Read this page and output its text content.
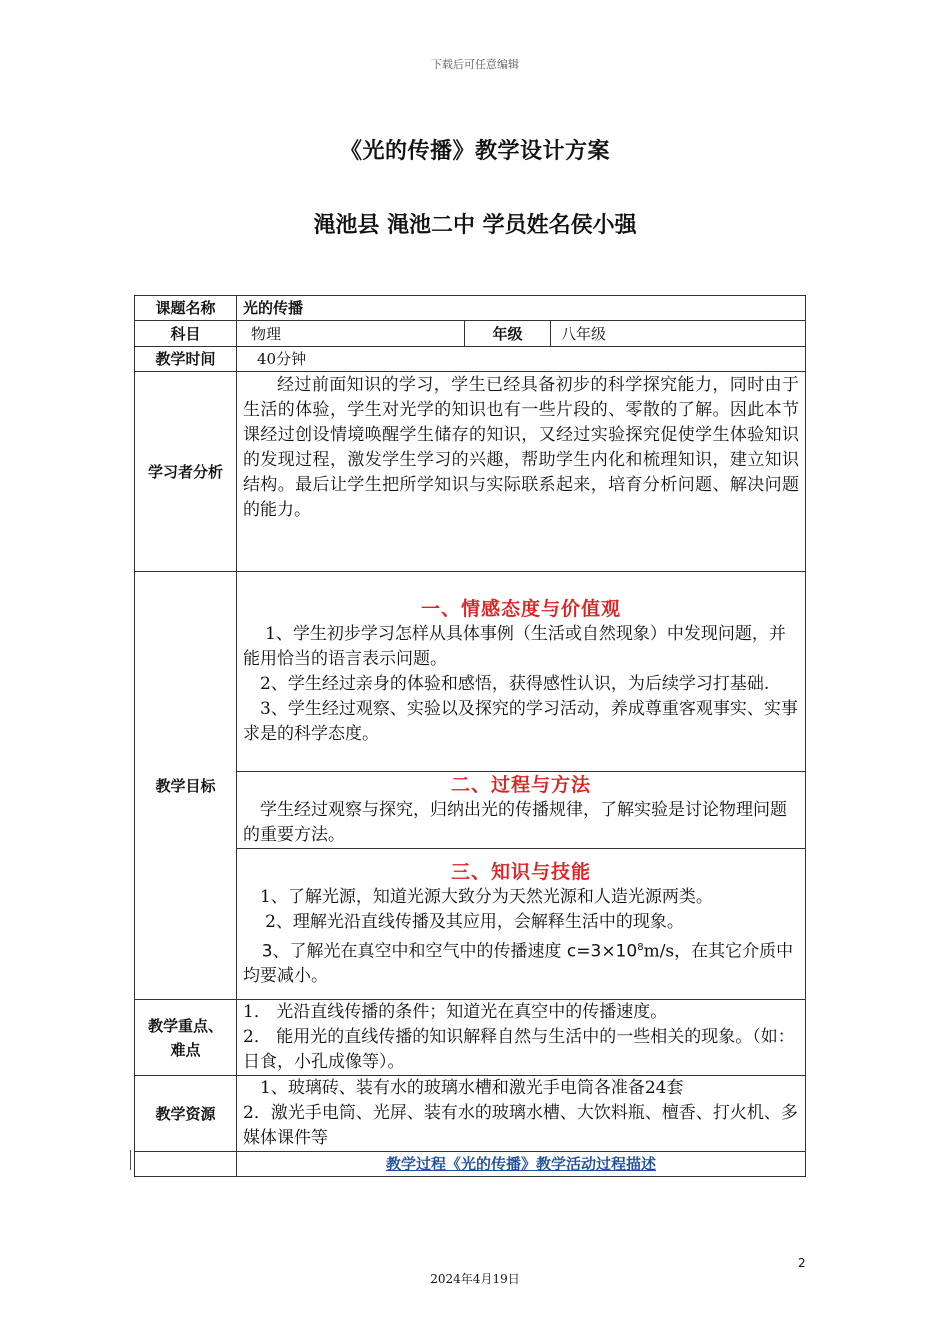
下载后可任意编辑
《光的传播》教学设计方案
渑池县 渑池二中 学员姓名侯小强
课题名称	光的传播		
科目	物理	年级	八年级
教学时间	40分钟		
学习者分析	经过前面知识的学习，学生已经具备初步的科学探究能力，同时由于生活的体验，学生对光学的知识也有一些片段的、零散的了解。因此本节课经过创设情境唤醒学生储存的知识，又经过实验探究促使学生体验知识的发现过程，激发学生学习的兴趣，帮助学生内化和梳理知识，建立知识结构。最后让学生把所学知识与实际联系起来，培育分析问题、解决问题的能力。		

教学目标	一、情感态度与价值观

1、学生初步学习怎样从具体事例（生活或自然现象）中发现问题，并能用恰当的语言表示问题。

2、学生经过亲身的体验和感悟，获得感性认识，为后续学习打基础.

3、学生经过观察、实验以及探究的学习活动，养成尊重客观事实、实事求是的科学态度。		

	二、过程与方法

学生经过观察与探究，归纳出光的传播规律，了解实验是讨论物理问题的重要方法。		

	三、知识与技能

1、了解光源，知道光源大致分为天然光源和人造光源两类。

2、理解光沿直线传播及其应用，会解释生活中的现象。

3、了解光在真空中和空气中的传播速度 $c=3\times 10^8m/s$，在其它介质中均要减小。		

教学重点、难点	1． 光沿直线传播的条件；知道光在真空中的传播速度。

2． 能用光的直线传播的知识解释自然与生活中的一些相关的现象。（如：日食，小孔成像等）。		

教学资源	1、玻璃砖、装有水的玻璃水槽和激光手电筒各准备24套

2．激光手电筒、光屏、装有水的玻璃水槽、大饮料瓶、檀香、打火机、多媒体课件等		

	教学过程《光的传播》教学活动过程描述		
2
2024年4月19日
